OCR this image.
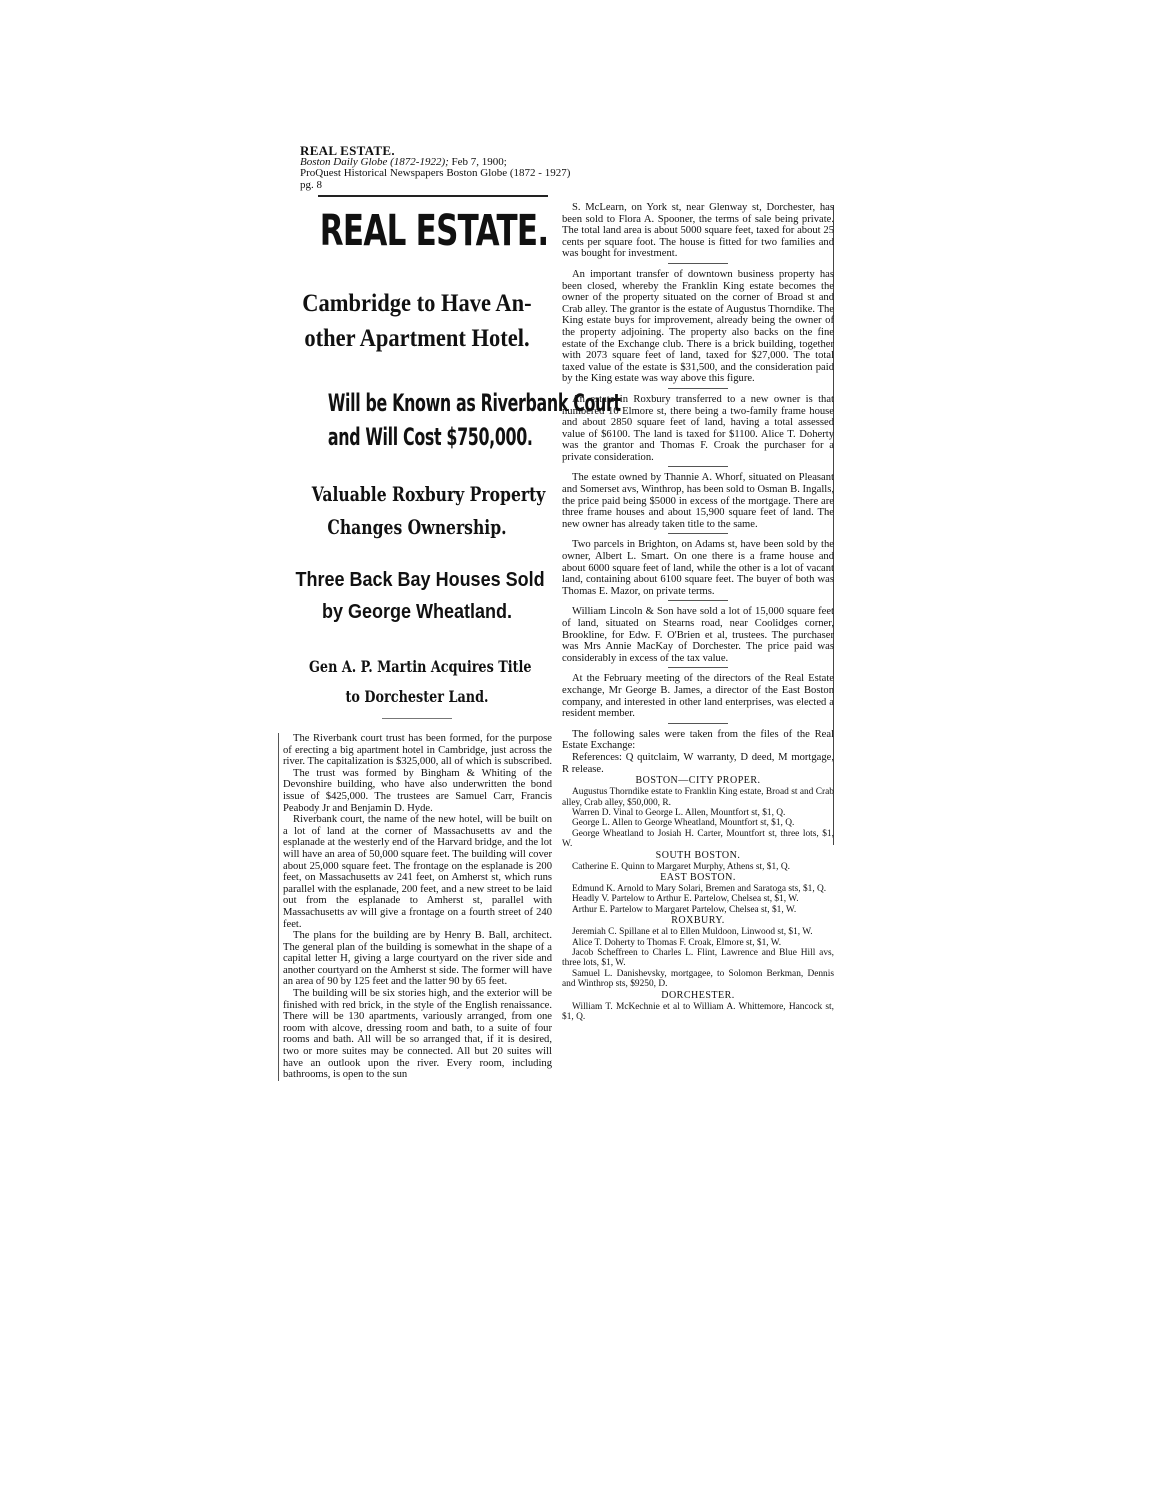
REAL ESTATE.
Boston Daily Globe (1872-1922); Feb 7, 1900;
ProQuest Historical Newspapers Boston Globe (1872 - 1927)
pg. 8
REAL ESTATE.
Cambridge to Have An-
other Apartment Hotel.
Will be Known as Riverbank Court
and Will Cost $750,000.
Valuable Roxbury Property
Changes Ownership.
Three Back Bay Houses Sold
by George Wheatland.
Gen A. P. Martin Acquires Title
to Dorchester Land.

The Riverbank court trust has been formed, for the purpose of erecting a big apartment hotel in Cambridge, just across the river. The capitalization is $325,000, all of which is subscribed.

The trust was formed by Bingham & Whiting of the Devonshire building, who have also underwritten the bond issue of $425,000. The trustees are Samuel Carr, Francis Peabody Jr and Benjamin D. Hyde.

Riverbank court, the name of the new hotel, will be built on a lot of land at the corner of Massachusetts av and the esplanade at the westerly end of the Harvard bridge, and the lot will have an area of 50,000 square feet. The building will cover about 25,000 square feet. The frontage on the esplanade is 200 feet, on Massachusetts av 241 feet, on Amherst st, which runs parallel with the esplanade, 200 feet, and a new street to be laid out from the esplanade to Amherst st, parallel with Massachusetts av will give a frontage on a fourth street of 240 feet.

The plans for the building are by Henry B. Ball, architect. The general plan of the building is somewhat in the shape of a capital letter H, giving a large courtyard on the river side and another courtyard on the Amherst st side. The former will have an area of 90 by 125 feet and the latter 90 by 65 feet.

The building will be six stories high, and the exterior will be finished with red brick, in the style of the English renaissance. There will be 130 apartments, variously arranged, from one room with alcove, dressing room and bath, to a suite of four rooms and bath. All will be so arranged that, if it is desired, two or more suites may be connected. All but 20 suites will have an outlook upon the river. Every room, including bathrooms, is open to the sun

S. McLearn, on York st, near Glenway st, Dorchester, has been sold to Flora A. Spooner, the terms of sale being private. The total land area is about 5000 square feet, taxed for about 25 cents per square foot. The house is fitted for two families and was bought for investment.

An important transfer of downtown business property has been closed, whereby the Franklin King estate becomes the owner of the property situated on the corner of Broad st and Crab alley. The grantor is the estate of Augustus Thorndike. The King estate buys for improvement, already being the owner of the property adjoining. The property also backs on the fine estate of the Exchange club. There is a brick building, together with 2073 square feet of land, taxed for $27,000. The total taxed value of the estate is $31,500, and the consideration paid by the King estate was way above this figure.

An estate in Roxbury transferred to a new owner is that numbered 16 Elmore st, there being a two-family frame house and about 2850 square feet of land, having a total assessed value of $6100. The land is taxed for $1100. Alice T. Doherty was the grantor and Thomas F. Croak the purchaser for a private consideration.

The estate owned by Thannie A. Whorf, situated on Pleasant and Somerset avs, Winthrop, has been sold to Osman B. Ingalls, the price paid being $5000 in excess of the mortgage. There are three frame houses and about 15,900 square feet of land. The new owner has already taken title to the same.

Two parcels in Brighton, on Adams st, have been sold by the owner, Albert L. Smart. On one there is a frame house and about 6000 square feet of land, while the other is a lot of vacant land, containing about 6100 square feet. The buyer of both was Thomas E. Mazor, on private terms.

William Lincoln & Son have sold a lot of 15,000 square feet of land, situated on Stearns road, near Coolidges corner, Brookline, for Edw. F. O'Brien et al, trustees. The purchaser was Mrs Annie MacKay of Dorchester. The price paid was considerably in excess of the tax value.

At the February meeting of the directors of the Real Estate exchange, Mr George B. James, a director of the East Boston company, and interested in other land enterprises, was elected a resident member.

The following sales were taken from the files of the Real Estate Exchange:

References: Q quitclaim, W warranty, D deed, M mortgage, R release.

BOSTON—CITY PROPER.

Augustus Thorndike estate to Franklin King estate, Broad st and Crab alley, Crab alley, $50,000, R.

Warren D. Vinal to George L. Allen, Mountfort st, $1, Q.

George L. Allen to George Wheatland, Mountfort st, $1, Q.

George Wheatland to Josiah H. Carter, Mountfort st, three lots, $1, W.

SOUTH BOSTON.

Catherine E. Quinn to Margaret Murphy, Athens st, $1, Q.

EAST BOSTON.

Edmund K. Arnold to Mary Solari, Bremen and Saratoga sts, $1, Q.

Headly V. Partelow to Arthur E. Partelow, Chelsea st, $1, W.

Arthur E. Partelow to Margaret Partelow, Chelsea st, $1, W.

ROXBURY.

Jeremiah C. Spillane et al to Ellen Muldoon, Linwood st, $1, W.

Alice T. Doherty to Thomas F. Croak, Elmore st, $1, W.

Jacob Scheffreen to Charles L. Flint, Lawrence and Blue Hill avs, three lots, $1, W.

Samuel L. Danishevsky, mortgagee, to Solomon Berkman, Dennis and Winthrop sts, $9250, D.

DORCHESTER.

William T. McKechnie et al to William A. Whittemore, Hancock st, $1, Q.
